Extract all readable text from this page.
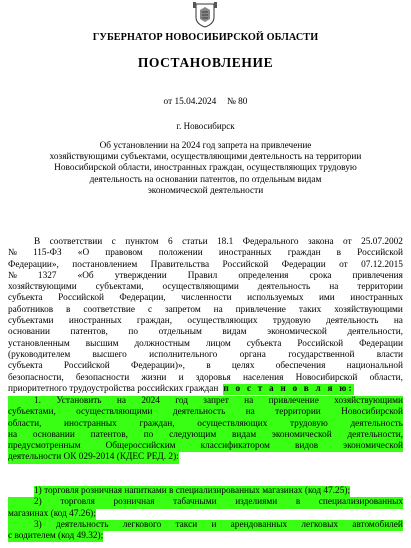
ГУБЕРНАТОР НОВОСИБИРСКОЙ ОБЛАСТИ
ПОСТАНОВЛЕНИЕ
от 15.04.2024 № 80
г. Новосибирск
Об установлении на 2024 год запрета на привлечение
хозяйствующими субъектами, осуществляющими деятельность на территории
Новосибирской области, иностранных граждан, осуществляющих трудовую
деятельность на основании патентов, по отдельным видам
экономической деятельности
В соответствии с пунктом 6 статьи 18.1 Федерального закона от 25.07.2002
№ 115-ФЗ «О правовом положении иностранных граждан в Российской
Федерации», постановлением Правительства Российской Федерации от 07.12.2015
№ 1327 «Об утверждении Правил определения срока привлечения
хозяйствующими субъектами, осуществляющими деятельность на территории
субъекта Российской Федерации, численности используемых ими иностранных
работников в соответствие с запретом на привлечение таких хозяйствующими
субъектами иностранных граждан, осуществляющих трудовую деятельность на
основании патентов, по отдельным видам экономической деятельности,
установленным высшим должностным лицом субъекта Российской Федерации
(руководителем высшего исполнительного органа государственной власти
субъекта Российской Федерации)», в целях обеспечения национальной
безопасности, безопасности жизни и здоровья населения Новосибирской области,
приоритетного трудоустройства российских граждан п о с т а н о в л я ю:
1. Установить на 2024 год запрет на привлечение хозяйствующими
субъектами, осуществляющими деятельность на территории Новосибирской
области, иностранных граждан, осуществляющих трудовую деятельность
на основании патентов, по следующим видам экономической деятельности,
предусмотренным	Общероссийским	классификатором	видов	экономической
деятельности ОК 029-2014 (КДЕС РЕД. 2):
1) торговля розничная напитками в специализированных магазинах (код 47.25);
2) торговля розничная табачными изделиями в специализированных
магазинах (код 47.26);
3) деятельность легкового такси и арендованных легковых автомобилей
с водителем (код 49.32);
